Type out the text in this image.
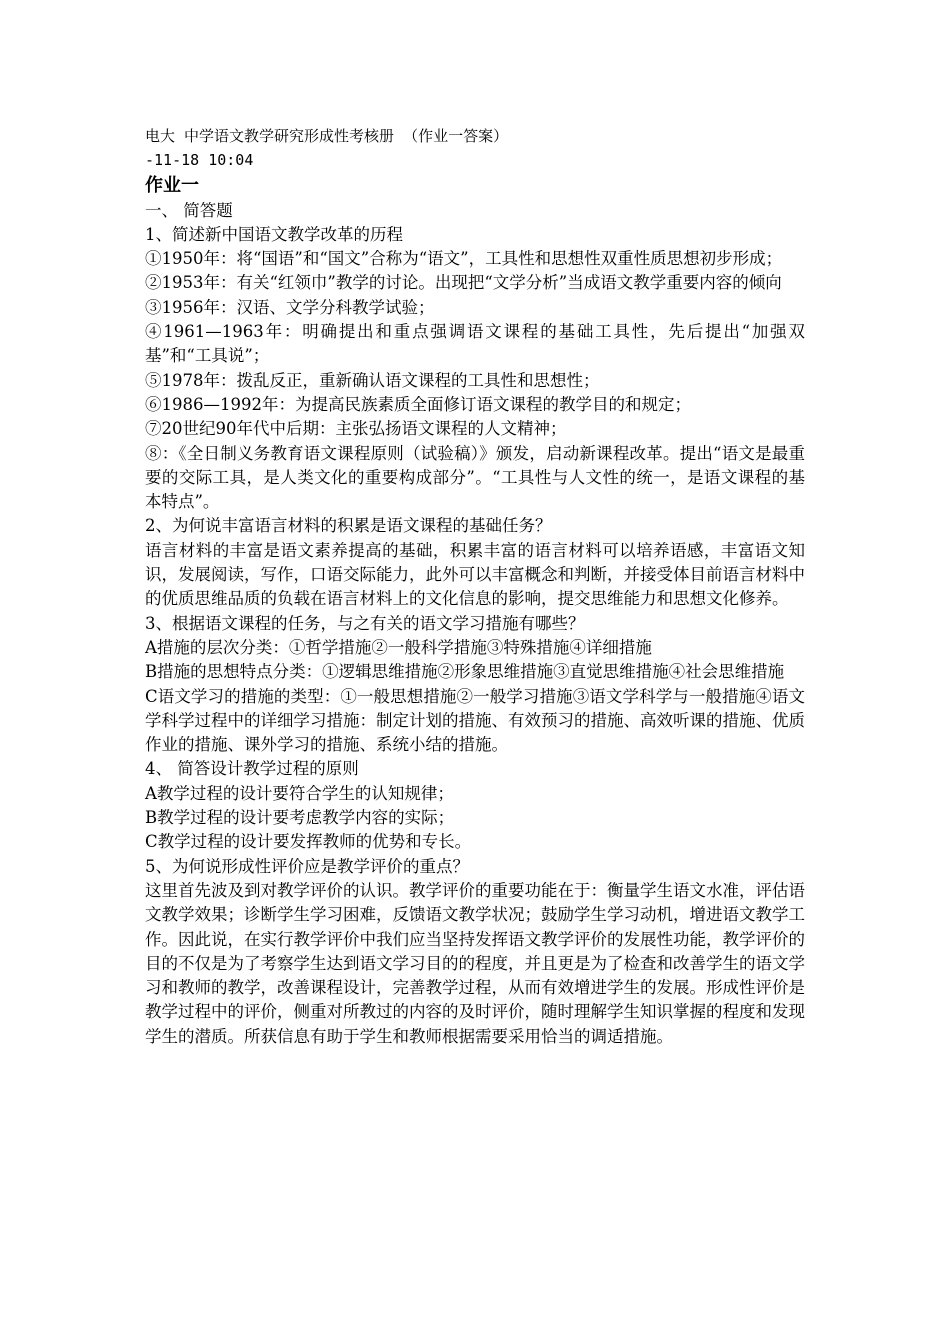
电大 中学语文教学研究形成性考核册 （作业一答案）

-11-18 10:04

作业一

一、 简答题

1、简述新中国语文教学改革的历程

①1950年：将“国语”和“国文”合称为“语文”，工具性和思想性双重性质思想初步形成；

②1953年：有关“红领巾”教学的讨论。出现把“文学分析”当成语文教学重要内容的倾向

③1956年：汉语、文学分科教学试验；

④1961—1963年：明确提出和重点强调语文课程的基础工具性，先后提出“加强双基”和“工具说”；

⑤1978年：拨乱反正，重新确认语文课程的工具性和思想性；

⑥1986—1992年：为提高民族素质全面修订语文课程的教学目的和规定；

⑦20世纪90年代中后期：主张弘扬语文课程的人文精神；

⑧：《全日制义务教育语文课程原则（试验稿）》颁发，启动新课程改革。提出“语文是最重要的交际工具，是人类文化的重要构成部分”。“工具性与人文性的统一，是语文课程的基本特点”。

2、为何说丰富语言材料的积累是语文课程的基础任务？

语言材料的丰富是语文素养提高的基础，积累丰富的语言材料可以培养语感，丰富语文知识，发展阅读，写作，口语交际能力，此外可以丰富概念和判断，并接受体目前语言材料中的优质思维品质的负载在语言材料上的文化信息的影响，提交思维能力和思想文化修养。

3、根据语文课程的任务，与之有关的语文学习措施有哪些？

A措施的层次分类：①哲学措施②一般科学措施③特殊措施④详细措施

B措施的思想特点分类：①逻辑思维措施②形象思维措施③直觉思维措施④社会思维措施

C语文学习的措施的类型：①一般思想措施②一般学习措施③语文学科学与一般措施④语文学科学过程中的详细学习措施：制定计划的措施、有效预习的措施、高效听课的措施、优质作业的措施、课外学习的措施、系统小结的措施。

4、 简答设计教学过程的原则

A教学过程的设计要符合学生的认知规律；

B教学过程的设计要考虑教学内容的实际；

C教学过程的设计要发挥教师的优势和专长。

5、为何说形成性评价应是教学评价的重点？

这里首先波及到对教学评价的认识。教学评价的重要功能在于：衡量学生语文水准，评估语文教学效果；诊断学生学习困难，反馈语文教学状况；鼓励学生学习动机，增进语文教学工作。因此说，在实行教学评价中我们应当坚持发挥语文教学评价的发展性功能，教学评价的目的不仅是为了考察学生达到语文学习目的的程度，并且更是为了检查和改善学生的语文学习和教师的教学，改善课程设计，完善教学过程，从而有效增进学生的发展。形成性评价是教学过程中的评价，侧重对所教过的内容的及时评价，随时理解学生知识掌握的程度和发现学生的潜质。所获信息有助于学生和教师根据需要采用恰当的调适措施。
